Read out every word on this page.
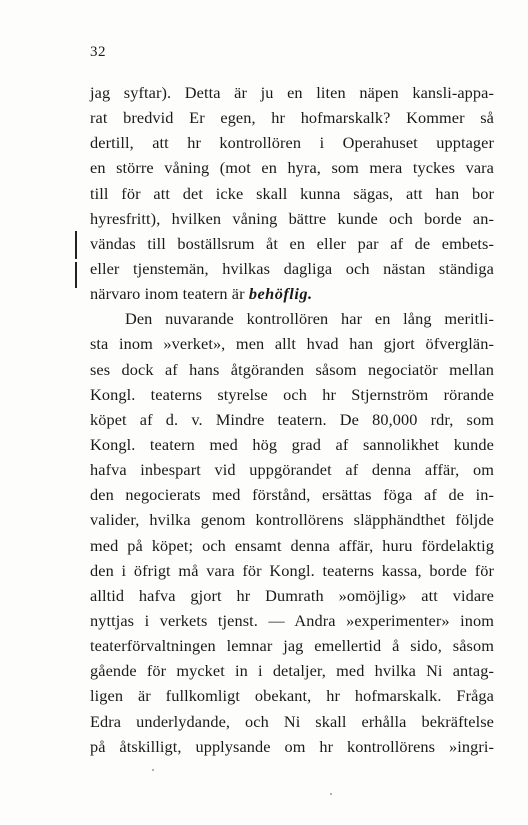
32
jag syftar). Detta är ju en liten näpen kansli-appa-
rat bredvid Er egen, hr hofmarskalk? Kommer så
dertill, att hr kontrollören i Operahuset upptager
en större våning (mot en hyra, som mera tyckes vara
till för att det icke skall kunna sägas, att han bor
hyresfritt), hvilken våning bättre kunde och borde an-
vändas till boställsrum åt en eller par af de embets-
eller tjenstemän, hvilkas dagliga och nästan ständiga
närvaro inom teatern är behöflig.
Den nuvarande kontrollören har en lång meritli-
sta inom »verket», men allt hvad han gjort öfverglän-
ses dock af hans åtgöranden såsom negociatör mellan
Kongl. teaterns styrelse och hr Stjernström rörande
köpet af d. v. Mindre teatern. De 80,000 rdr, som
Kongl. teatern med hög grad af sannolikhet kunde
hafva inbespart vid uppgörandet af denna affär, om
den negocierats med förstånd, ersättas föga af de in-
valider, hvilka genom kontrollörens släpphändthet följde
med på köpet; och ensamt denna affär, huru fördelaktig
den i öfrigt må vara för Kongl. teaterns kassa, borde för
alltid hafva gjort hr Dumrath »omöjlig» att vidare
nyttjas i verkets tjenst. — Andra »experimenter» inom
teaterförvaltningen lemnar jag emellertid å sido, såsom
gående för mycket in i detaljer, med hvilka Ni antag-
ligen är fullkomligt obekant, hr hofmarskalk. Fråga
Edra underlydande, och Ni skall erhålla bekräftelse
på åtskilligt, upplysande om hr kontrollörens »ingri-
